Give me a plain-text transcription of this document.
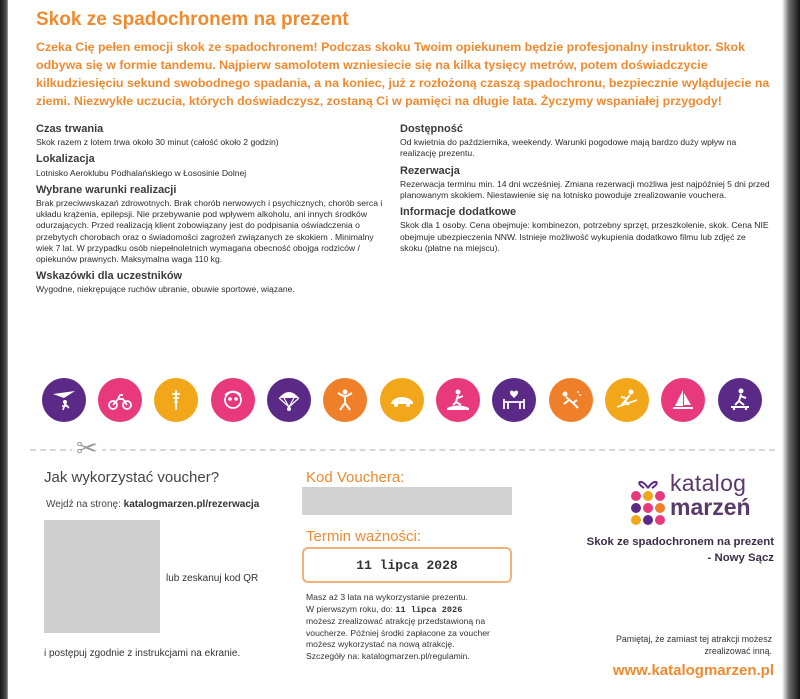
Skok ze spadochronem na prezent
Czeka Cię pełen emocji skok ze spadochronem! Podczas skoku Twoim opiekunem będzie profesjonalny instruktor. Skok odbywa się w formie tandemu. Najpierw samolotem wzniesiecie się na kilka tysięcy metrów, potem doświadczycie kilkudziesięciu sekund swobodnego spadania, a na koniec, już z rozłożoną czaszą spadochronu, bezpiecznie wylądujecie na ziemi. Niezwykłe uczucia, których doświadczysz, zostaną Ci w pamięci na długie lata. Życzymy wspaniałej przygody!
Czas trwania
Skok razem z lotem trwa około 30 minut (całość około 2 godzin)
Lokalizacja
Lotnisko Aeroklubu Podhalańskiego w Łososinie Dolnej
Wybrane warunki realizacji
Brak przeciwwskazań zdrowotnych. Brak chorób nerwowych i psychicznych, chorób serca i układu krążenia, epilepsji. Nie przebywanie pod wpływem alkoholu, ani innych środków odurzających. Przed realizacją klient zobowiązany jest do podpisania oświadczenia o przebytych chorobach oraz o świadomości zagrożeń związanych ze skokiem . Minimalny wiek 7 lat. W przypadku osób niepełnoletnich wymagana obecność obojga rodziców / opiekunów prawnych. Maksymalna waga 110 kg.
Wskazówki dla uczestników
Wygodne, niekrępujące ruchów ubranie, obuwie sportowe, wiązane.
Dostępność
Od kwietnia do października, weekendy. Warunki pogodowe mają bardzo duży wpływ na realizację prezentu.
Rezerwacja
Rezerwacja terminu min. 14 dni wcześniej. Zmiana rezerwacji możliwa jest najpóźniej 5 dni przed planowanym skokiem. Niestawienie się na lotnisko powoduje zrealizowanie vouchera.
Informacje dodatkowe
Skok dla 1 osoby. Cena obejmuje: kombinezon, potrzebny sprzęt, przeszkolenie, skok. Cena NIE obejmuje ubezpieczenia NNW. Istnieje możliwość wykupienia dodatkowo filmu lub zdjęć ze skoku (płatne na miejscu).
✂
Jak wykorzystać voucher?
Wejdź na stronę: katalogmarzen.pl/rezerwacja
lub zeskanuj kod QR
i postępuj zgodnie z instrukcjami na ekranie.
Kod Vouchera:
Termin ważności:
11 lipca 2028
Masz aż 3 lata na wykorzystanie prezentu.
W pierwszym roku, do: 11 lipca 2026
możesz zrealizować atrakcję przedstawioną na voucherze. Później środki zapłacone za voucher możesz wykorzystać na nową atrakcję.
Szczegóły na: katalogmarzen.pl/regulamin.
katalog
marzeń
Skok ze spadochronem na prezent
- Nowy Sącz
Pamiętaj, że zamiast tej atrakcji możesz zrealizować inną.
www.katalogmarzen.pl
